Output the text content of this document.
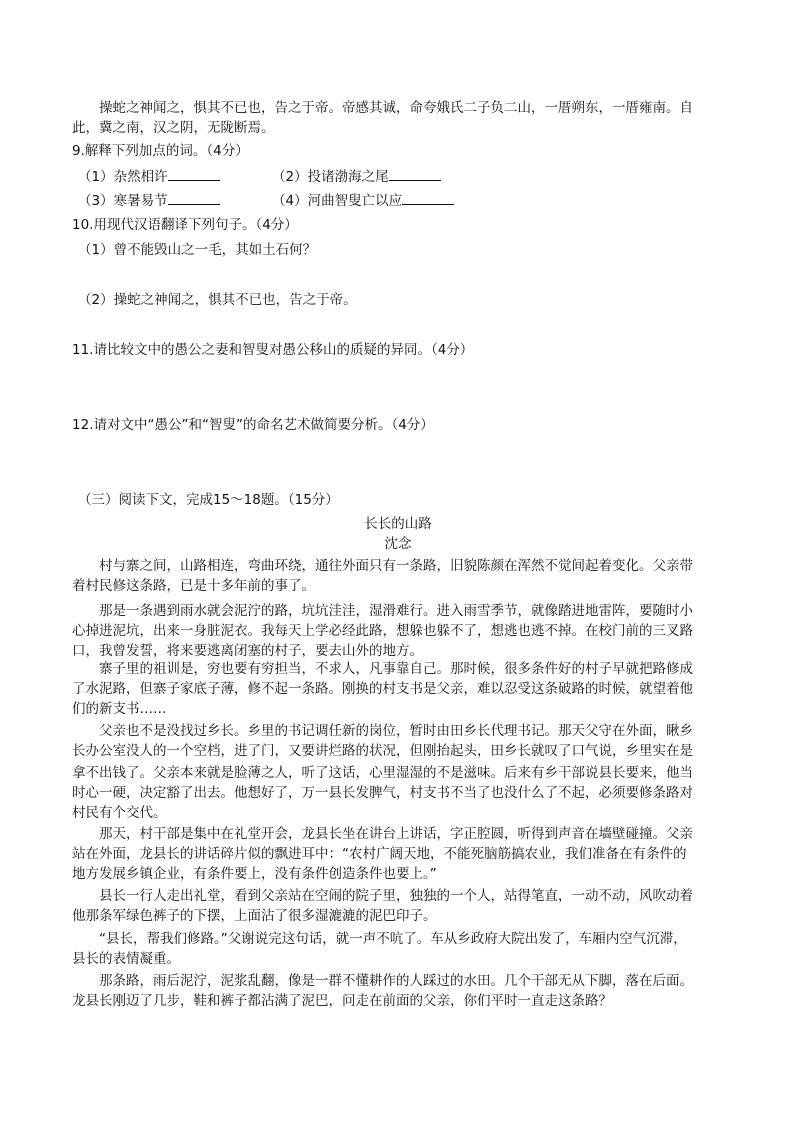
操蛇之神闻之，惧其不已也，告之于帝。帝感其诚，命夸娥氏二子负二山，一厝朔东，一厝雍南。自
此，冀之南，汉之阴，无陇断焉。
9.解释下列加点的词。（4分）
（1）杂然相许	（2）投诸渤海之尾
（3）寒暑易节	（4）河曲智叟亡以应
10.用现代汉语翻译下列句子。（4分）
（1）曾不能毁山之一毛，其如土石何？
（2）操蛇之神闻之，惧其不已也，告之于帝。
11.请比较文中的愚公之妻和智叟对愚公移山的质疑的异同。（4分）
12.请对文中“愚公”和“智叟”的命名艺术做简要分析。（4分）
（三）阅读下文，完成15～18题。（15分）
长长的山路
沈念
村与寨之间，山路相连，弯曲环绕，通往外面只有一条路，旧貌陈颜在浑然不觉间起着变化。父亲带
着村民修这条路，已是十多年前的事了。
那是一条遇到雨水就会泥泞的路，坑坑洼洼，湿滑难行。进入雨雪季节，就像踏进地雷阵，要随时小
心掉进泥坑，出来一身脏泥衣。我每天上学必经此路，想躲也躲不了，想逃也逃不掉。在校门前的三叉路
口，我曾发誓，将来要逃离闭塞的村子，要去山外的地方。
寨子里的祖训是，穷也要有穷担当，不求人，凡事靠自己。那时候，很多条件好的村子早就把路修成
了水泥路，但寨子家底子薄，修不起一条路。刚换的村支书是父亲，难以忍受这条破路的时候，就望着他
们的新支书……
父亲也不是没找过乡长。乡里的书记调任新的岗位，暂时由田乡长代理书记。那天父守在外面，瞅乡
长办公室没人的一个空档，进了门，又要讲烂路的状况，但刚抬起头，田乡长就叹了口气说，乡里实在是
拿不出钱了。父亲本来就是脸薄之人，听了这话，心里湿湿的不是滋味。后来有乡干部说县长要来，他当
时心一硬，决定豁了出去。他想好了，万一县长发脾气，村支书不当了也没什么了不起，必须要修条路对
村民有个交代。
那天，村干部是集中在礼堂开会，龙县长坐在讲台上讲话，字正腔圆，听得到声音在墙壁碰撞。父亲
站在外面，龙县长的讲话碎片似的飘进耳中：“农村广阔天地，不能死脑筋搞农业，我们准备在有条件的
地方发展乡镇企业，有条件要上，没有条件创造条件也要上。”
县长一行人走出礼堂，看到父亲站在空闹的院子里，独独的一个人，站得笔直，一动不动，风吹动着
他那条军绿色裤子的下摆，上面沾了很多湿漉漉的泥巴印子。
“县长，帮我们修路。”父谢说完这句话，就一声不吭了。车从乡政府大院出发了，车厢内空气沉滞，
县长的表情凝重。
那条路，雨后泥泞，泥浆乱翻，像是一群不懂耕作的人踩过的水田。几个干部无从下脚，落在后面。
龙县长刚迈了几步，鞋和裤子都沾满了泥巴，问走在前面的父亲，你们平时一直走这条路？
